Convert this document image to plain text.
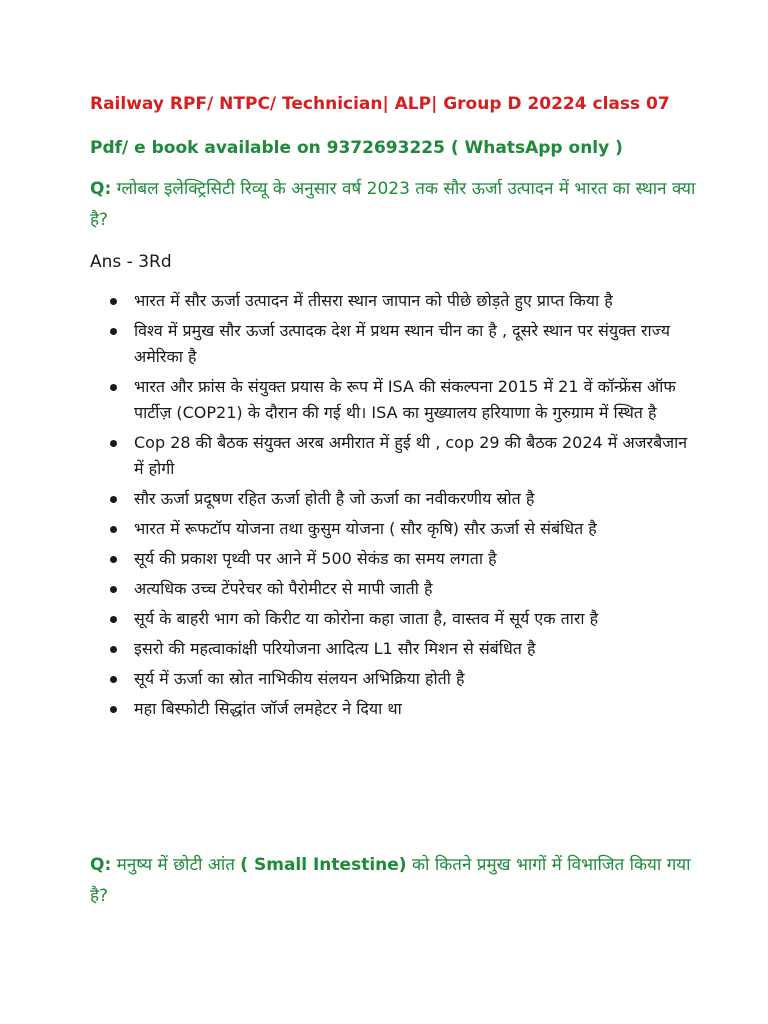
Railway RPF/ NTPC/ Technician| ALP| Group D 20224 class 07

Pdf/ e book available on 9372693225 ( WhatsApp only )

Q: ग्लोबल इलेक्ट्रिसिटी रिव्यू के अनुसार वर्ष 2023 तक सौर ऊर्जा उत्पादन में भारत का स्थान क्या है?

Ans - 3Rd

भारत में सौर ऊर्जा उत्पादन में तीसरा स्थान जापान को पीछे छोड़ते हुए प्राप्त किया है
विश्व में प्रमुख सौर ऊर्जा उत्पादक देश में प्रथम स्थान चीन का है , दूसरे स्थान पर संयुक्त राज्य अमेरिका है
भारत और फ्रांस के संयुक्त प्रयास के रूप में ISA की संकल्पना 2015 में 21 वें कॉन्फ्रेंस ऑफ पार्टीज़ (COP21) के दौरान की गई थी। ISA का मुख्यालय हरियाणा के गुरुग्राम में स्थित है
Cop 28 की बैठक संयुक्त अरब अमीरात में हुई थी , cop 29 की बैठक 2024 में अजरबैजान में होगी
सौर ऊर्जा प्रदूषण रहित ऊर्जा होती है जो ऊर्जा का नवीकरणीय स्रोत है
भारत में रूफटॉप योजना तथा कुसुम योजना ( सौर कृषि) सौर ऊर्जा से संबंधित है
सूर्य की प्रकाश पृथ्वी पर आने में 500 सेकंड का समय लगता है
अत्यधिक उच्च टेंपरेचर को पैरोमीटर से मापी जाती है
सूर्य के बाहरी भाग को किरीट या कोरोना कहा जाता है, वास्तव में सूर्य एक तारा है
इसरो की महत्वाकांक्षी परियोजना आदित्य L1 सौर मिशन से संबंधित है
सूर्य में ऊर्जा का स्रोत नाभिकीय संलयन अभिक्रिया होती है
महा बिस्फोटी सिद्धांत जॉर्ज लमहेटर ने दिया था

Q: मनुष्य में छोटी आंत ( Small Intestine) को कितने प्रमुख भागों में विभाजित किया गया है?
